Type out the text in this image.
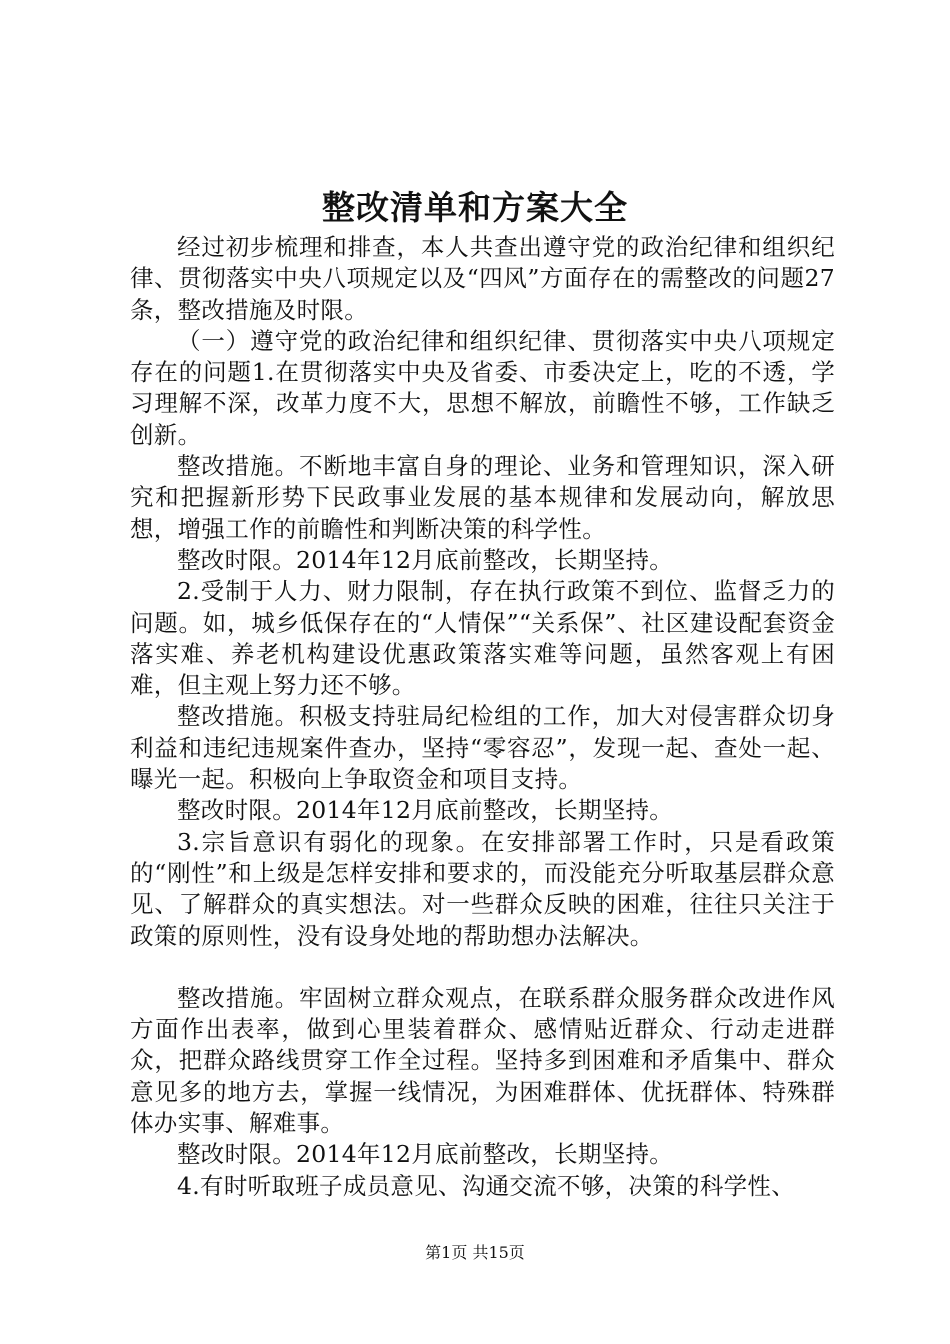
整改清单和方案大全

经过初步梳理和排查，本人共查出遵守党的政治纪律和组织纪律、贯彻落实中央八项规定以及“四风”方面存在的需整改的问题27条，整改措施及时限。

（一）遵守党的政治纪律和组织纪律、贯彻落实中央八项规定存在的问题1.在贯彻落实中央及省委、市委决定上，吃的不透，学习理解不深，改革力度不大，思想不解放，前瞻性不够，工作缺乏创新。

整改措施。不断地丰富自身的理论、业务和管理知识，深入研究和把握新形势下民政事业发展的基本规律和发展动向，解放思想，增强工作的前瞻性和判断决策的科学性。

整改时限。2014年12月底前整改，长期坚持。

2.受制于人力、财力限制，存在执行政策不到位、监督乏力的问题。如，城乡低保存在的“人情保”“关系保”、社区建设配套资金落实难、养老机构建设优惠政策落实难等问题，虽然客观上有困难，但主观上努力还不够。

整改措施。积极支持驻局纪检组的工作，加大对侵害群众切身利益和违纪违规案件查办，坚持“零容忍”，发现一起、查处一起、曝光一起。积极向上争取资金和项目支持。

整改时限。2014年12月底前整改，长期坚持。

3.宗旨意识有弱化的现象。在安排部署工作时，只是看政策的“刚性”和上级是怎样安排和要求的，而没能充分听取基层群众意见、了解群众的真实想法。对一些群众反映的困难，往往只关注于政策的原则性，没有设身处地的帮助想办法解决。

整改措施。牢固树立群众观点，在联系群众服务群众改进作风方面作出表率，做到心里装着群众、感情贴近群众、行动走进群众，把群众路线贯穿工作全过程。坚持多到困难和矛盾集中、群众意见多的地方去，掌握一线情况，为困难群体、优抚群体、特殊群体办实事、解难事。

整改时限。2014年12月底前整改，长期坚持。

4.有时听取班子成员意见、沟通交流不够，决策的科学性、

第1页 共15页
